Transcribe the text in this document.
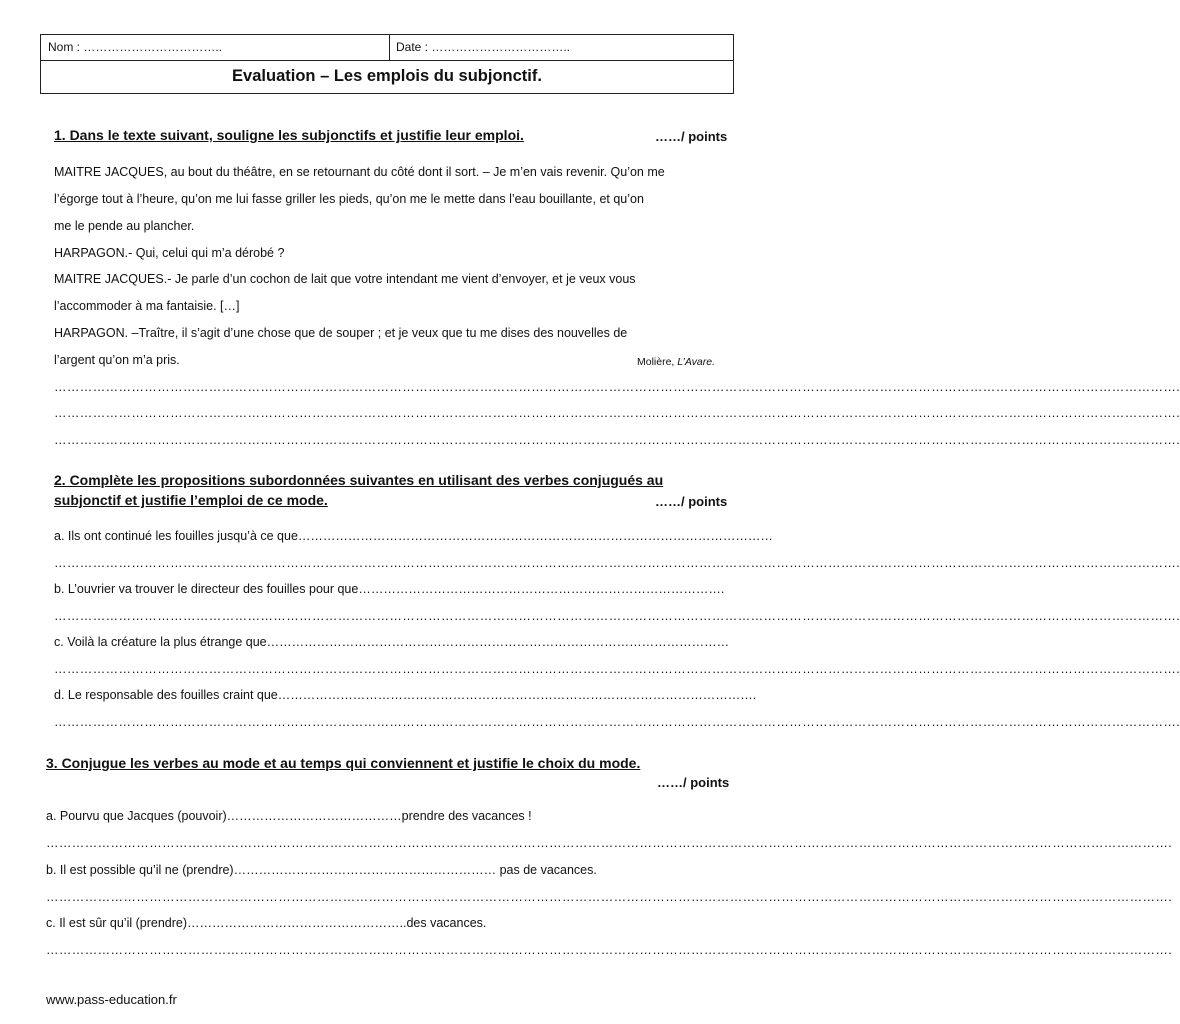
Nom : ……………………………..	Date : ……………………………..
Evaluation – Les emplois du subjonctif.
1. Dans le texte suivant, souligne les subjonctifs et justifie leur emploi.	……/ points
MAITRE JACQUES, au bout du théâtre, en se retournant du côté dont il sort. – Je m’en vais revenir. Qu’on me
l’égorge tout à l’heure, qu’on me lui fasse griller les pieds, qu’on me le mette dans l’eau bouillante, et qu’on
me le pende au plancher.
HARPAGON.- Qui, celui qui m’a dérobé ?
MAITRE JACQUES.- Je parle d’un cochon de lait que votre intendant me vient d’envoyer, et je veux vous
l’accommoder à ma fantaisie. […]
HARPAGON. –Traître, il s’agit d’une chose que de souper ; et je veux que tu me dises des nouvelles de
l’argent qu’on m’a pris.	Molière, L’Avare.
……………………………………………………………………………………………………………………………………………………………………………………………………………………………………….
……………………………………………………………………………………………………………………………………………………………………………………………………………………………………….
……………………………………………………………………………………………………………………………………………………………………………………………………………………………………….
2. Complète les propositions subordonnées suivantes en utilisant des verbes conjugués au
subjonctif et justifie l’emploi de ce mode.	……/ points
a. Ils ont continué les fouilles jusqu’à ce que……………………………………………………………………………………………………
……………………………………………………………………………………………………………………………………………………………………………………………………………………………………….
b. L’ouvrier va trouver le directeur des fouilles pour que…………………………………………………………………………….
……………………………………………………………………………………………………………………………………………………………………………………………………………………………………….
c. Voilà la créature la plus étrange que…………………………………………………………………………………………………
……………………………………………………………………………………………………………………………………………………………………………………………………………………………………….
d. Le responsable des fouilles craint que…………………………………………………………………………………………………….
……………………………………………………………………………………………………………………………………………………………………………………………………………………………………….
3. Conjugue les verbes au mode et au temps qui conviennent et justifie le choix du mode.
……/ points
a. Pourvu que Jacques (pouvoir)……………………………………prendre des vacances !
……………………………………………………………………………………………………………………………………………………………………………………………………………………………………….
b. Il est possible qu’il ne (prendre)……………………………………………………… pas de vacances.
……………………………………………………………………………………………………………………………………………………………………………………………………………………………………….
c. Il est sûr qu’il (prendre)……………………………………………..des vacances.
……………………………………………………………………………………………………………………………………………………………………………………………………………………………………….
www.pass-education.fr
